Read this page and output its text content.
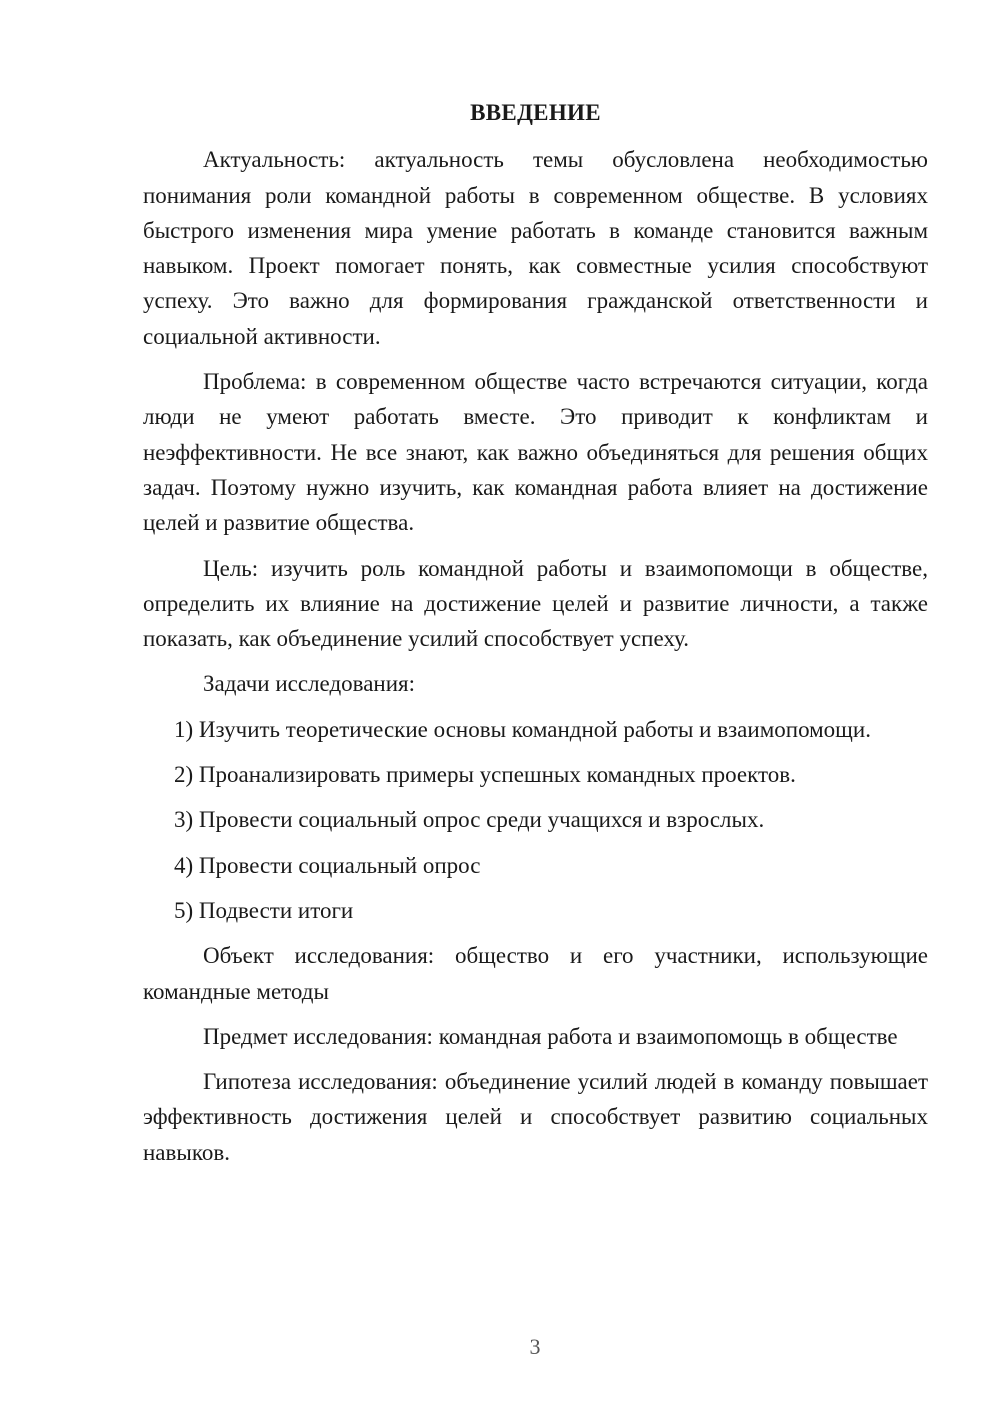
ВВЕДЕНИЕ

Актуальность: актуальность темы обусловлена необходимостью понимания роли командной работы в современном обществе. В условиях быстрого изменения мира умение работать в команде становится важным навыком. Проект помогает понять, как совместные усилия способствуют успеху. Это важно для формирования гражданской ответственности и социальной активности.

Проблема: в современном обществе часто встречаются ситуации, когда люди не умеют работать вместе. Это приводит к конфликтам и неэффективности. Не все знают, как важно объединяться для решения общих задач. Поэтому нужно изучить, как командная работа влияет на достижение целей и развитие общества.

Цель: изучить роль командной работы и взаимопомощи в обществе, определить их влияние на достижение целей и развитие личности, а также показать, как объединение усилий способствует успеху.

Задачи исследования:

1) Изучить теоретические основы командной работы и взаимопомощи.

2) Проанализировать примеры успешных командных проектов.

3) Провести социальный опрос среди учащихся и взрослых.

4) Провести социальный опрос

5) Подвести итоги

Объект исследования: общество и его участники, использующие командные методы

Предмет исследования: командная работа и взаимопомощь в обществе

Гипотеза исследования: объединение усилий людей в команду повышает эффективность достижения целей и способствует развитию социальных навыков.

3
